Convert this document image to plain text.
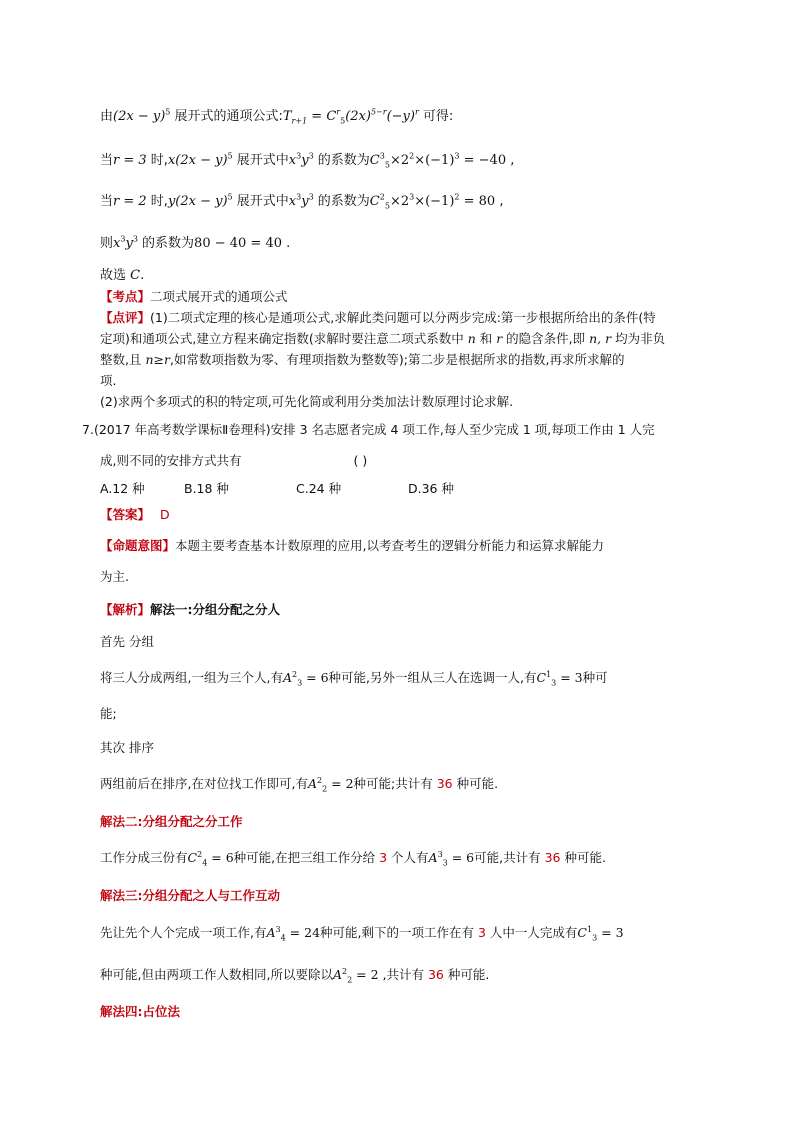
由$(2x - y)^5$ 展开式的通项公式$:T_{r+1} = C^r_5(2x)^{5-r}(-y)^r$ 可得:
当r = 3 时$,x(2x - y)^5$ 展开式中$x^3y^3$ 的系数为$C^3_5\times 2^2\times(-1)^3 = -40$ ,
当r = 2 时$,y(2x - y)^5$ 展开式中$x^3y^3$ 的系数为$C^2_5\times 2^3\times(-1)^2 = 80$ ,
则$x^3y^3$ 的系数为80 − 40 = 40 .
故选 C.
【考点】二项式展开式的通项公式
【点评】(1)二项式定理的核心是通项公式,求解此类问题可以分两步完成:第一步根据所给出的条件(特
定项)和通项公式,建立方程来确定指数(求解时要注意二项式系数中 n 和 r 的隐含条件,即 n, r 均为非负
整数,且 n≥r,如常数项指数为零、有理项指数为整数等);第二步是根据所求的指数,再求所求解的
项.
(2)求两个多项式的积的特定项,可先化简或利用分类加法计数原理讨论求解.
7.(2017 年高考数学课标Ⅱ卷理科)安排 3 名志愿者完成 4 项工作,每人至少完成 1 项,每项工作由 1 人完
成,则不同的安排方式共有	( )
A.12 种	B.18 种	C.24 种	D.36 种
【答案】 D
【命题意图】本题主要考查基本计数原理的应用,以考查考生的逻辑分析能力和运算求解能力
为主.
【解析】解法一:分组分配之分人
首先 分组
将三人分成两组,一组为三个人,有$A^2_3 = 6$种可能,另外一组从三人在选调一人,有$C^1_3 = 3$种可
能;
其次 排序
两组前后在排序,在对位找工作即可,有$A^2_2 = 2$种可能;共计有 36 种可能.
解法二:分组分配之分工作
工作分成三份有$C^2_4 = 6$种可能,在把三组工作分给 3 个人有$A^3_3 = 6$可能,共计有 36 种可能.
解法三:分组分配之人与工作互动
先让先个人个完成一项工作,有$A^3_4 = 24$种可能,剩下的一项工作在有 3 人中一人完成有$C^1_3 = 3$
种可能,但由两项工作人数相同,所以要除以$A^2_2 = 2$ ,共计有 36 种可能.
解法四:占位法
